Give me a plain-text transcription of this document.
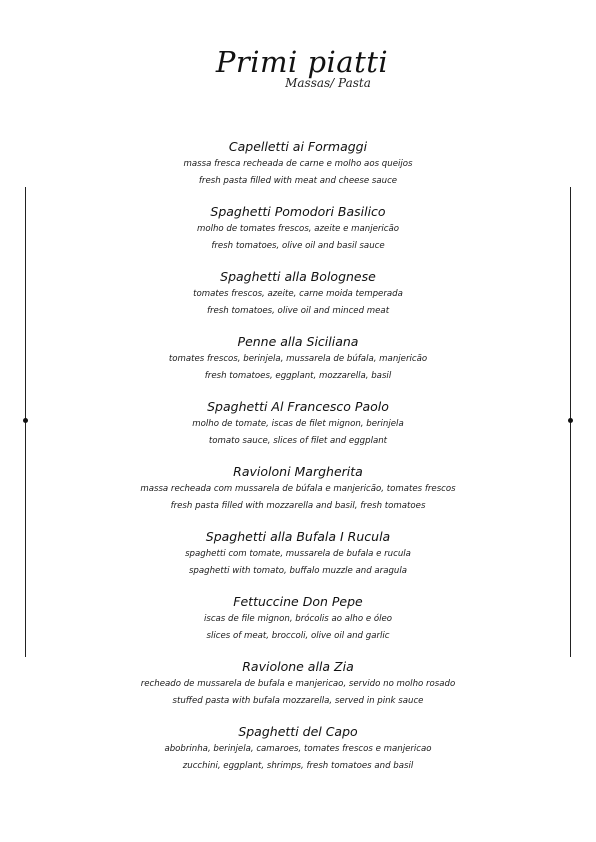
Primi piatti
Massas/ Pasta
Capelletti ai Formaggi
massa fresca recheada de carne e molho aos queijos
fresh pasta filled with meat and cheese sauce
Spaghetti Pomodori Basilico
molho de tomates frescos, azeite e manjericão
fresh tomatoes, olive oil and basil sauce
Spaghetti alla Bolognese
tomates frescos, azeite, carne moida temperada
fresh tomatoes, olive oil and minced meat
Penne alla Siciliana
tomates frescos, berinjela, mussarela de búfala, manjericão
fresh tomatoes, eggplant, mozzarella, basil
Spaghetti Al Francesco Paolo
molho de tomate, iscas de filet mignon, berinjela
tomato sauce, slices of filet and eggplant
Ravioloni Margherita
massa recheada com mussarela de búfala e manjericão, tomates frescos
fresh pasta filled with mozzarella and basil, fresh tomatoes
Spaghetti alla Bufala I Rucula
spaghetti com tomate, mussarela de bufala e rucula
spaghetti with tomato, buffalo muzzle and aragula
Fettuccine Don Pepe
iscas de file mignon, brócolis ao alho e óleo
slices of meat, broccoli, olive oil and garlic
Raviolone alla Zia
recheado de mussarela de bufala e manjericao, servido no molho rosado
stuffed pasta with bufala mozzarella, served in pink sauce
Spaghetti del Capo
abobrinha, berinjela, camaroes, tomates frescos e manjericao
zucchini, eggplant, shrimps, fresh tomatoes and basil
